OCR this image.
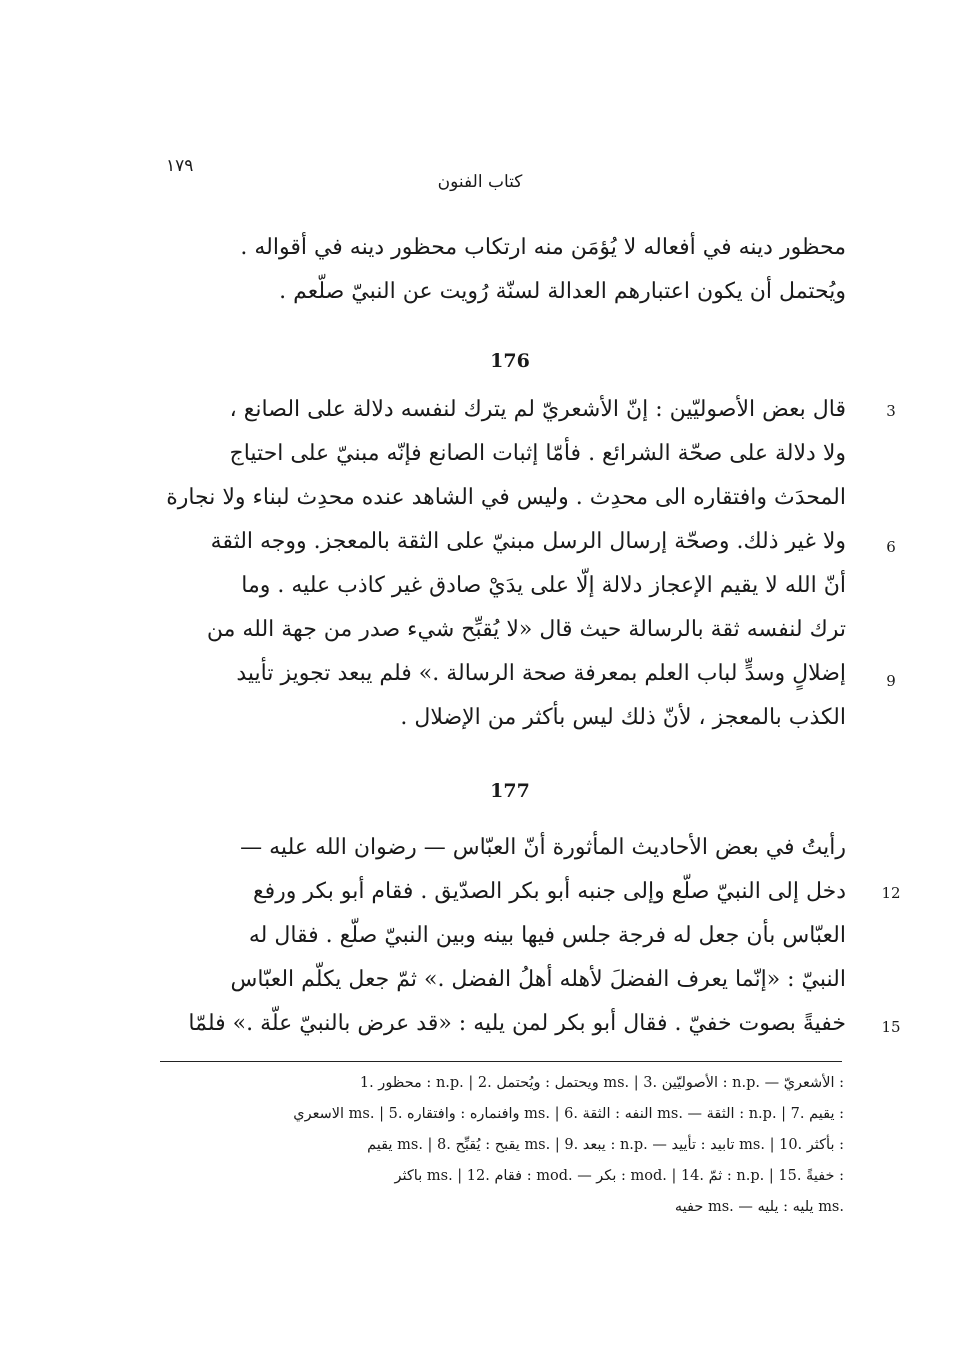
١٧٩
كتاب الفنون
محظور دينه في أفعاله لا يُؤمَن منه ارتكاب محظور دينه في أقواله .
ويُحتمل أن يكون اعتبارهم العدالة لسنّة رُويت عن النبيّ صلّعم .
176
قال بعض الأصوليّين : إنّ الأشعريّ لم يترك لنفسه دلالة على الصانع ،
ولا دلالة على صحّة الشرائع . فأمّا إثبات الصانع فإنّه مبنيّ على احتياج
المحدَث وافتقاره الى محدِث . وليس في الشاهد عنده محدِث لبناء ولا نجارة
ولا غير ذلك. وصحّة إرسال الرسل مبنيّ على الثقة بالمعجز. ووجه الثقة
أنّ الله لا يقيم الإعجاز دلالة إلّا على يدَيْ صادق غير كاذب عليه . وما
ترك لنفسه ثقة بالرسالة حيث قال «لا يُقبِّح شيء صدر من جهة الله من
إضلالٍ وسدٍّ لباب العلم بمعرفة صحة الرسالة .» فلم يبعد تجويز تأييد
الكذب بالمعجز ، لأنّ ذلك ليس بأكثر من الإضلال .
3
6
9
177
رأيتُ في بعض الأحاديث المأثورة أنّ العبّاس — رضوان الله عليه —
دخل إلى النبيّ صلّع وإلى جنبه أبو بكر الصدّيق . فقام أبو بكر ورفع
العبّاس بأن جعل له فرجة جلس فيها بينه وبين النبيّ صلّع . فقال له
النبيّ : «إنّما يعرف الفضلَ لأهله أهلُ الفضل .» ثمّ جعل يكلّم العبّاس
خفيةً بصوت خفيّ . فقال أبو بكر لمن يليه : «قد عرض بالنبيّ علّة .» فلمّا
12
15
: الأشعريّ — .n.p : الأصوليّين .3 | .ms ويحتمل : ويُحتمل .2 | .n.p : محظور .1
: يقيم .7 | .n.p : الثقة — .ms النفه : الثقة .6 | .ms وافنماره : وافتقاره .5 | .ms الاسعري
: بأكثر .10 | .ms تابيد : تأييد — .n.p : يبعد .9 | .ms يقبح : يُقبِّح .8 | .ms يقيم
: خفيةً .15 | .n.p : ثمّ .14 | .mod : بكر — .mod : فقام .12 | .ms باكثر
.ms يليه : يليه — .ms حفيه
